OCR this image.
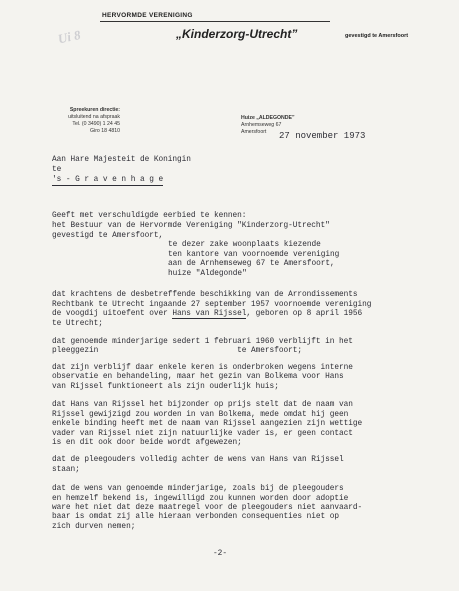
Ui 8
HERVORMDE VERENIGING
„Kinderzorg-Utrecht”	gevestigd te Amersfoort
Spreekuren directie:
uitsluitend na afspraak
Tel. (0 3490) 1 24 45
Giro 18 4810
Huize „ALDEGONDE”
Arnhemseweg 67
Amersfoort	27 november 1973
Aan Hare Majesteit de Koningin
te
's - G r a v e n h a g e
Geeft met verschuldigde eerbied te kennen:
het Bestuur van de Hervormde Vereniging "Kinderzorg-Utrecht"
gevestigd te Amersfoort,
te dezer zake woonplaats kiezende
ten kantore van voornoemde vereniging
aan de Arnhemseweg 67 te Amersfoort,
huize "Aldegonde"
dat krachtens de desbetreffende beschikking van de Arrondissements
Rechtbank te Utrecht ingaande 27 september 1957 voornoemde vereniging
de voogdij uitoefent over Hans van Rijssel, geboren op 8 april 1956
te Utrecht;
dat genoemde minderjarige sedert 1 februari 1960 verblijft in het
pleeggezin                              te Amersfoort;
dat zijn verblijf daar enkele keren is onderbroken wegens interne
observatie en behandeling, maar het gezin van Bolkema voor Hans
van Rijssel funktioneert als zijn ouderlijk huis;
dat Hans van Rijssel het bijzonder op prijs stelt dat de naam van
Rijssel gewijzigd zou worden in van Bolkema, mede omdat hij geen
enkele binding heeft met de naam van Rijssel aangezien zijn wettige
vader van Rijssel niet zijn natuurlijke vader is, er geen contact
is en dit ook door beide wordt afgewezen;
dat de pleegouders volledig achter de wens van Hans van Rijssel
staan;
dat de wens van genoemde minderjarige, zoals bij de pleegouders
en hemzelf bekend is, ingewilligd zou kunnen worden door adoptie
ware het niet dat deze maatregel voor de pleegouders niet aanvaard-
baar is omdat zij alle hieraan verbonden consequenties niet op
zich durven nemen;
-2-
